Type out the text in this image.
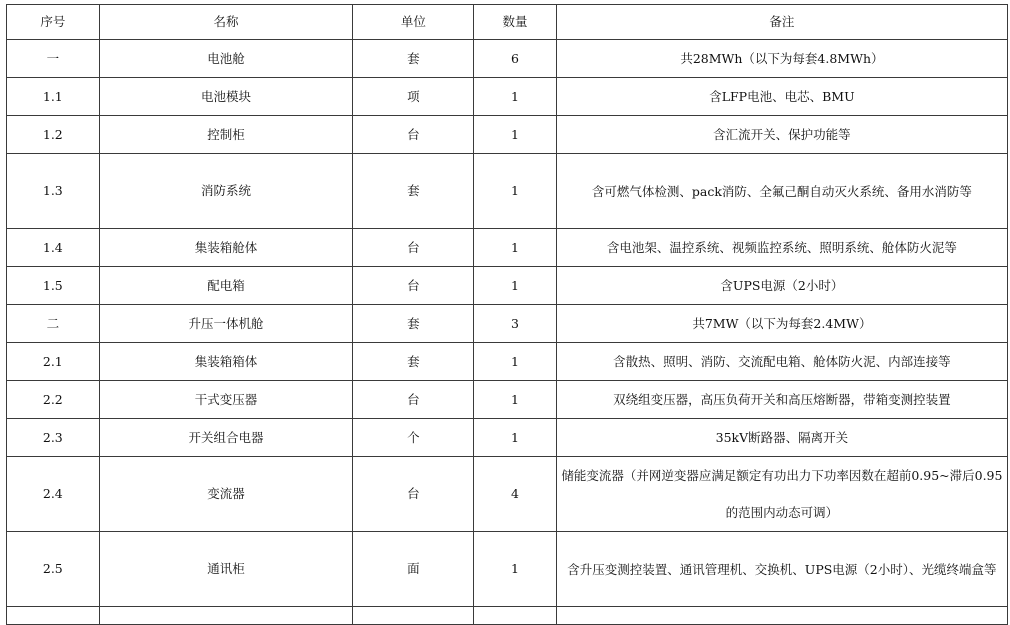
序号	名称	单位	数量	备注
一	电池舱	套	6	共28MWh（以下为每套4.8MWh）
1.1	电池模块	项	1	含LFP电池、电芯、BMU
1.2	控制柜	台	1	含汇流开关、保护功能等
1.3	消防系统	套	1	含可燃气体检测、pack消防、全氟己酮自动灭火系统、备用水消防等
1.4	集装箱舱体	台	1	含电池架、温控系统、视频监控系统、照明系统、舱体防火泥等
1.5	配电箱	台	1	含UPS电源（2小时）
二	升压一体机舱	套	3	共7MW（以下为每套2.4MW）
2.1	集装箱箱体	套	1	含散热、照明、消防、交流配电箱、舱体防火泥、内部连接等
2.2	干式变压器	台	1	双绕组变压器，高压负荷开关和高压熔断器，带箱变测控装置
2.3	开关组合电器	个	1	35kV断路器、隔离开关
2.4	变流器	台	4	储能变流器（并网逆变器应满足额定有功出力下功率因数在超前0.95~滞后0.95的范围内动态可调）
2.5	通讯柜	面	1	含升压变测控装置、通讯管理机、交换机、UPS电源（2小时）、光缆终端盒等
